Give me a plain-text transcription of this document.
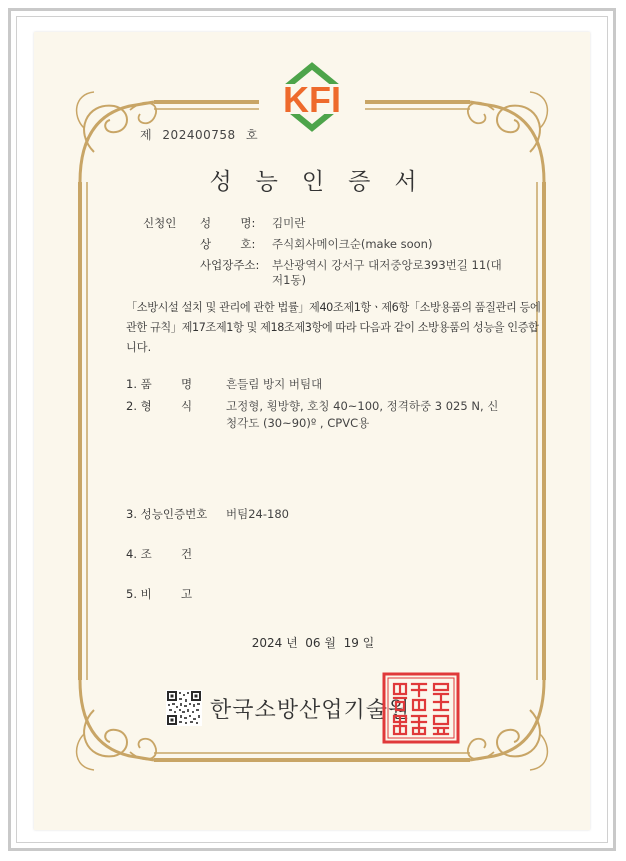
KFI
제 202400758 호
성능인증서
신청인 성        명: 김미란
상        호: 주식회사메이크순(make soon)
사업장주소: 부산광역시 강서구 대저중앙로393번길 11(대
저1동)
「소방시설 설치 및 관리에 관한 법률」제40조제1항ㆍ제6항「소방용품의 품질관리 등에
관한 규칙」제17조제1항 및 제18조제3항에 따라 다음과 같이 소방용품의 성능을 인증합
니다.
1. 품        명	흔들림 방지 버팀대
2. 형        식	고정형, 횡방향, 호칭 40~100, 정격하중 3 025 N, 신
청각도 (30~90)º , CPVC용
3. 성능인증번호 버팀24-180
4. 조        건
5. 비        고
2024 년  06 월  19 일
한국소방산업기술원
